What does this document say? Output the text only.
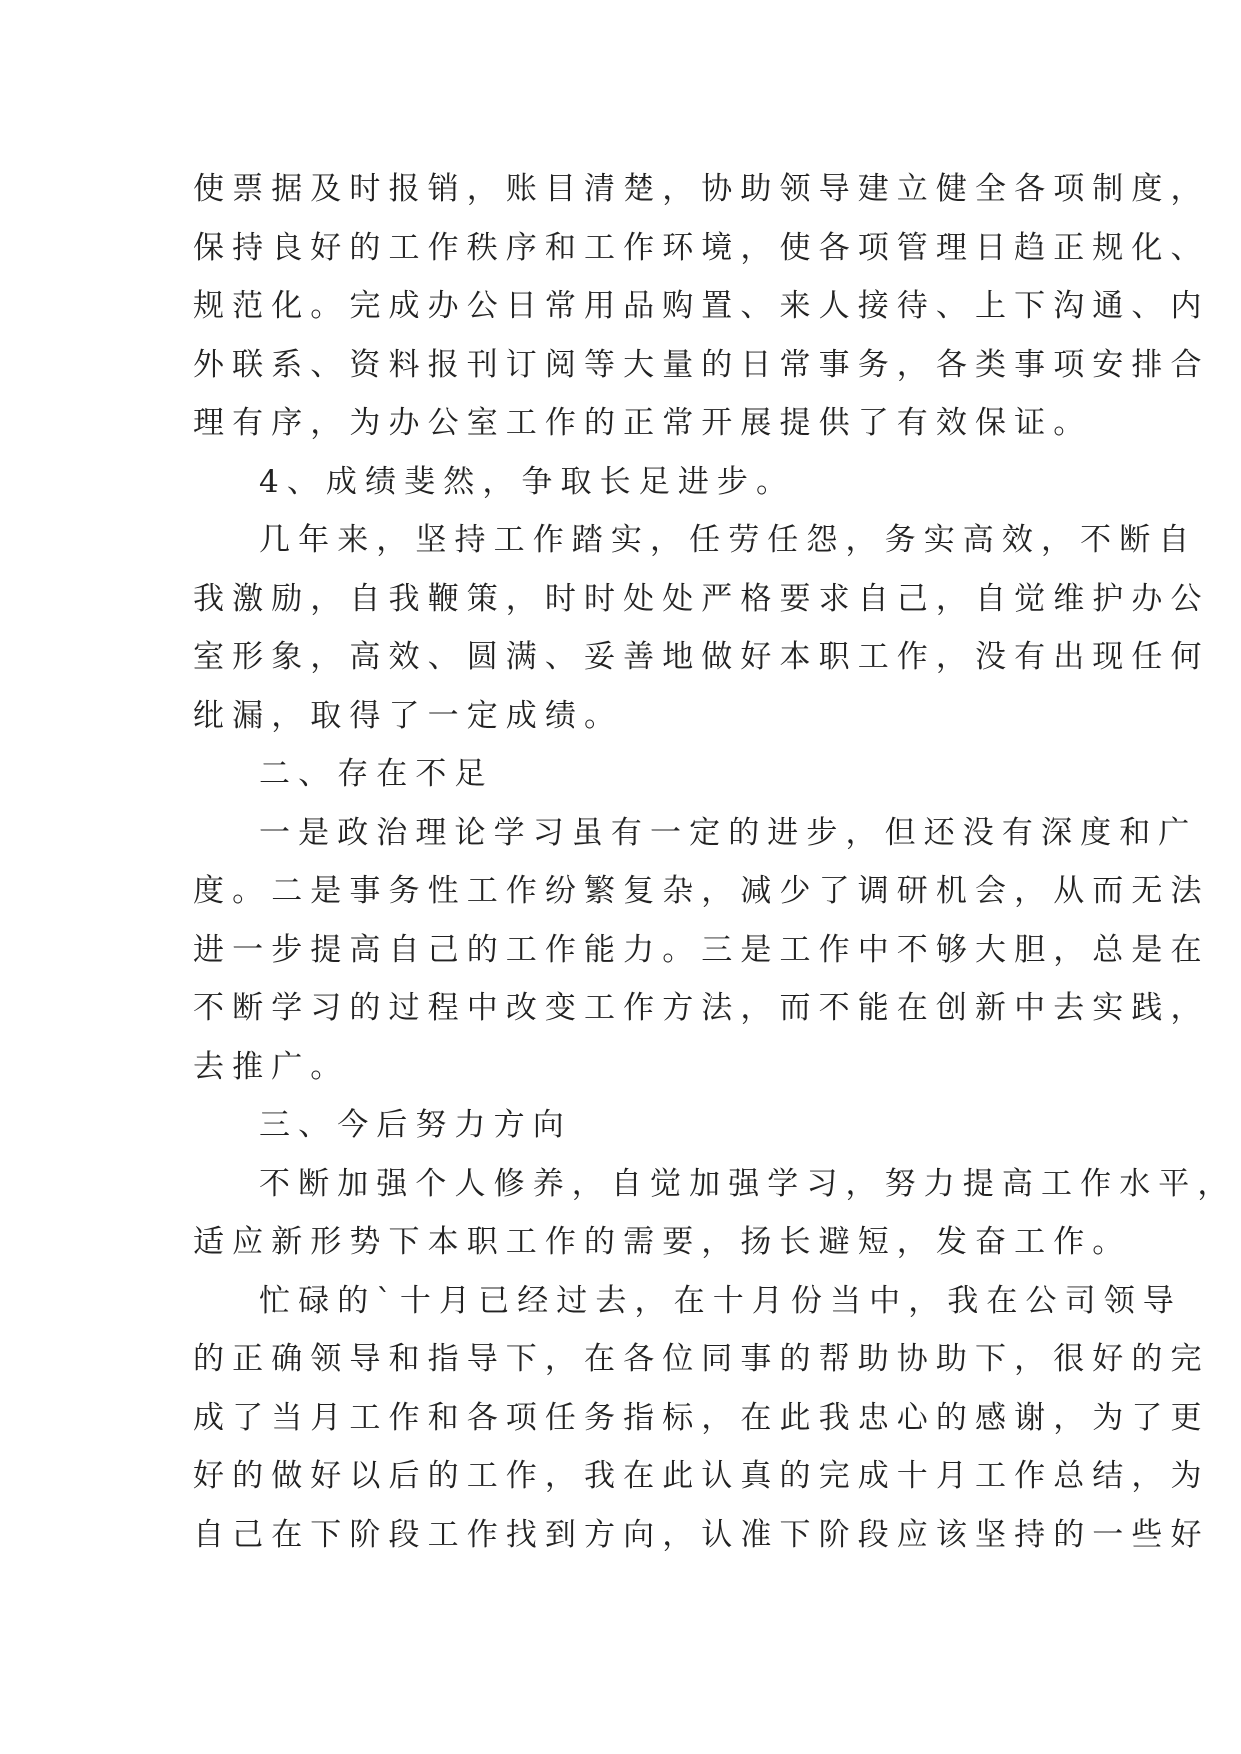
使票据及时报销，账目清楚，协助领导建立健全各项制度，
保持良好的工作秩序和工作环境，使各项管理日趋正规化、
规范化。完成办公日常用品购置、来人接待、上下沟通、内
外联系、资料报刊订阅等大量的日常事务，各类事项安排合
理有序，为办公室工作的正常开展提供了有效保证。
4、成绩斐然，争取长足进步。
几年来，坚持工作踏实，任劳任怨，务实高效，不断自
我激励，自我鞭策，时时处处严格要求自己，自觉维护办公
室形象，高效、圆满、妥善地做好本职工作，没有出现任何
纰漏，取得了一定成绩。
二、存在不足
一是政治理论学习虽有一定的进步，但还没有深度和广
度。二是事务性工作纷繁复杂，减少了调研机会，从而无法
进一步提高自己的工作能力。三是工作中不够大胆，总是在
不断学习的过程中改变工作方法，而不能在创新中去实践，
去推广。
三、今后努力方向
不断加强个人修养，自觉加强学习，努力提高工作水平，
适应新形势下本职工作的需要，扬长避短，发奋工作。
忙碌的`十月已经过去，在十月份当中，我在公司领导
的正确领导和指导下，在各位同事的帮助协助下，很好的完
成了当月工作和各项任务指标，在此我忠心的感谢，为了更
好的做好以后的工作，我在此认真的完成十月工作总结，为
自己在下阶段工作找到方向，认准下阶段应该坚持的一些好
